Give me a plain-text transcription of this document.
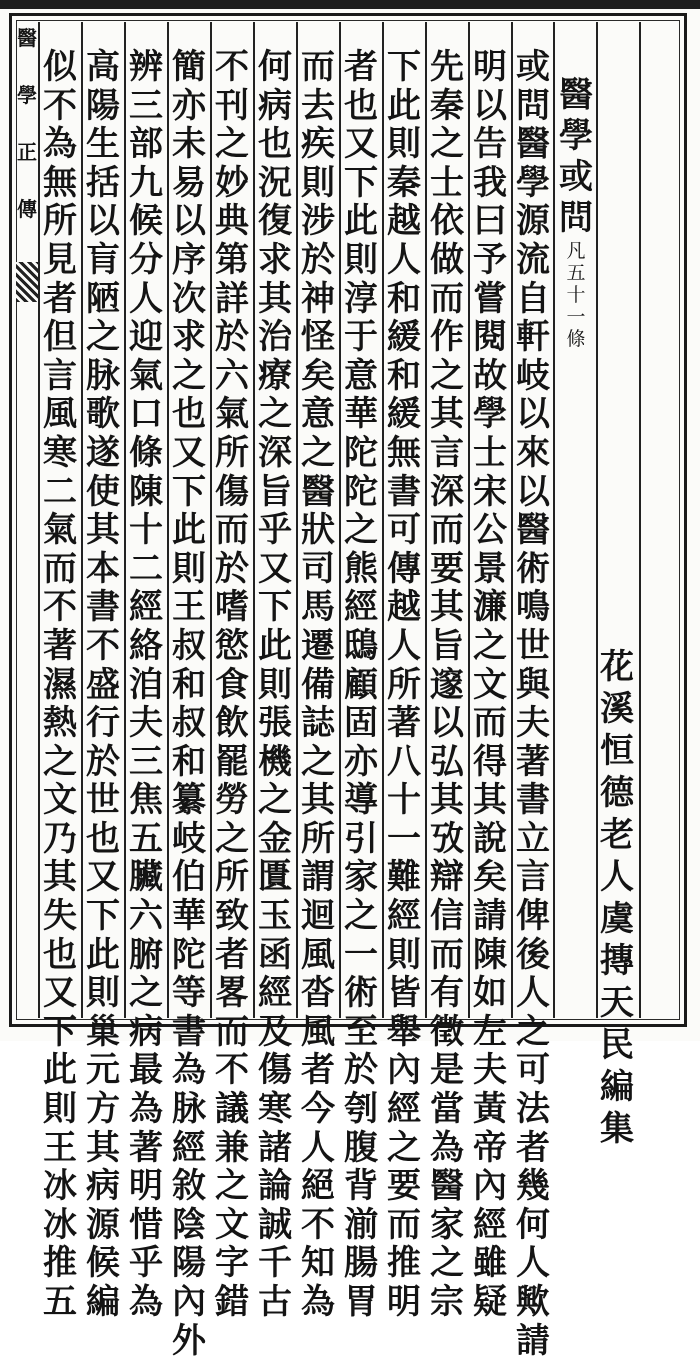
醫
學
正
傳
花
溪
恒
德
老
人
虞
摶
天
民
編
集
醫
學
或
問
凡
五
十
一
條
或
問
醫
學
源
流
自
軒
岐
以
來
以
醫
術
鳴
世
與
夫
著
書
立
言
俾
後
人
之
可
法
者
幾
何
人
歟
請
明
以
告
我
曰
予
嘗
閱
故
學
士
宋
公
景
濂
之
文
而
得
其
說
矣
請
陳
如
左
夫
黃
帝
內
經
雖
疑
先
秦
之
士
依
做
而
作
之
其
言
深
而
要
其
旨
邃
以
弘
其
攷
辯
信
而
有
徵
是
當
為
醫
家
之
宗
下
此
則
秦
越
人
和
緩
和
緩
無
書
可
傳
越
人
所
著
八
十
一
難
經
則
皆
舉
內
經
之
要
而
推
明
者
也
又
下
此
則
淳
于
意
華
陀
陀
之
熊
經
鴟
顧
固
亦
導
引
家
之
一
術
至
於
刳
腹
背
湔
腸
胃
而
去
疾
則
涉
於
神
怪
矣
意
之
醫
狀
司
馬
遷
備
誌
之
其
所
謂
迴
風
沓
風
者
今
人
絕
不
知
為
何
病
也
況
復
求
其
治
療
之
深
旨
乎
又
下
此
則
張
機
之
金
匱
玉
函
經
及
傷
寒
諸
論
誠
千
古
不
刊
之
妙
典
第
詳
於
六
氣
所
傷
而
於
嗜
慾
食
飲
罷
勞
之
所
致
者
畧
而
不
議
兼
之
文
字
錯
簡
亦
未
易
以
序
次
求
之
也
又
下
此
則
王
叔
和
叔
和
纂
岐
伯
華
陀
等
書
為
脉
經
敘
陰
陽
內
外
辨
三
部
九
候
分
人
迎
氣
口
條
陳
十
二
經
絡
洎
夫
三
焦
五
臟
六
腑
之
病
最
為
著
明
惜
乎
為
高
陽
生
括
以
肓
陋
之
脉
歌
遂
使
其
本
書
不
盛
行
於
世
也
又
下
此
則
巢
元
方
其
病
源
候
編
似
不
為
無
所
見
者
但
言
風
寒
二
氣
而
不
著
濕
熱
之
文
乃
其
失
也
又
下
此
則
王
冰
冰
推
五
